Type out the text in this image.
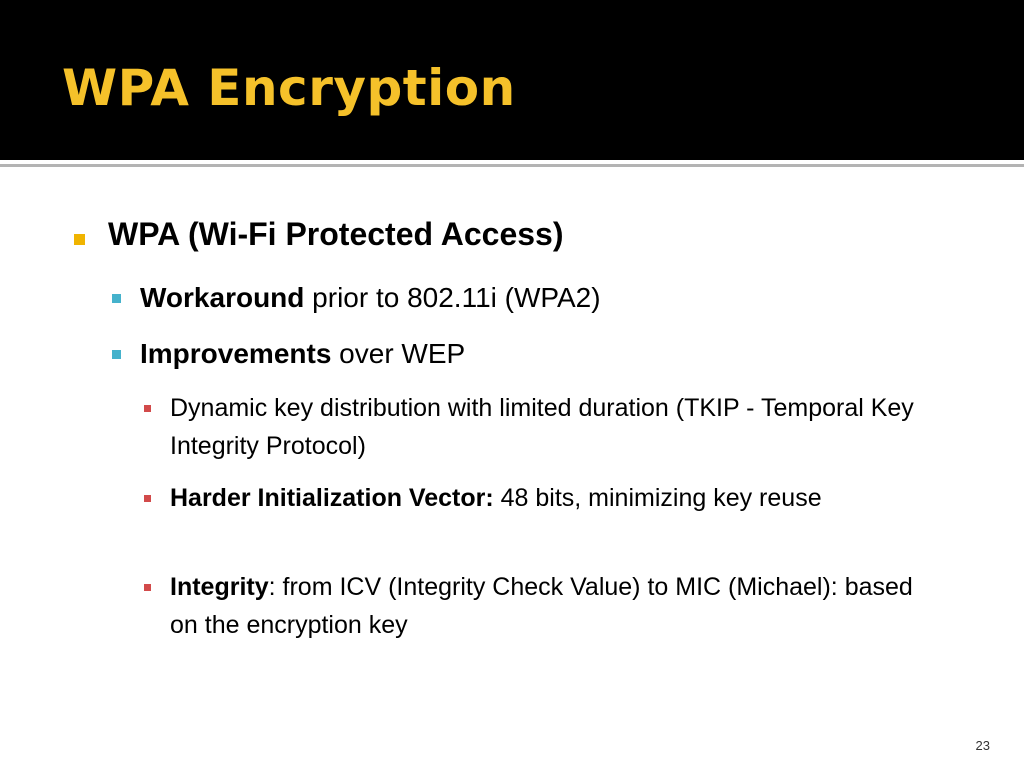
WPA Encryption

WPA (Wi-Fi Protected Access)

Workaround prior to 802.11i (WPA2)

Improvements over WEP

Dynamic key distribution with limited duration (TKIP - Temporal Key Integrity Protocol)

Harder Initialization Vector: 48 bits, minimizing key reuse

Integrity: from ICV (Integrity Check Value) to MIC (Michael): based on the encryption key

23
